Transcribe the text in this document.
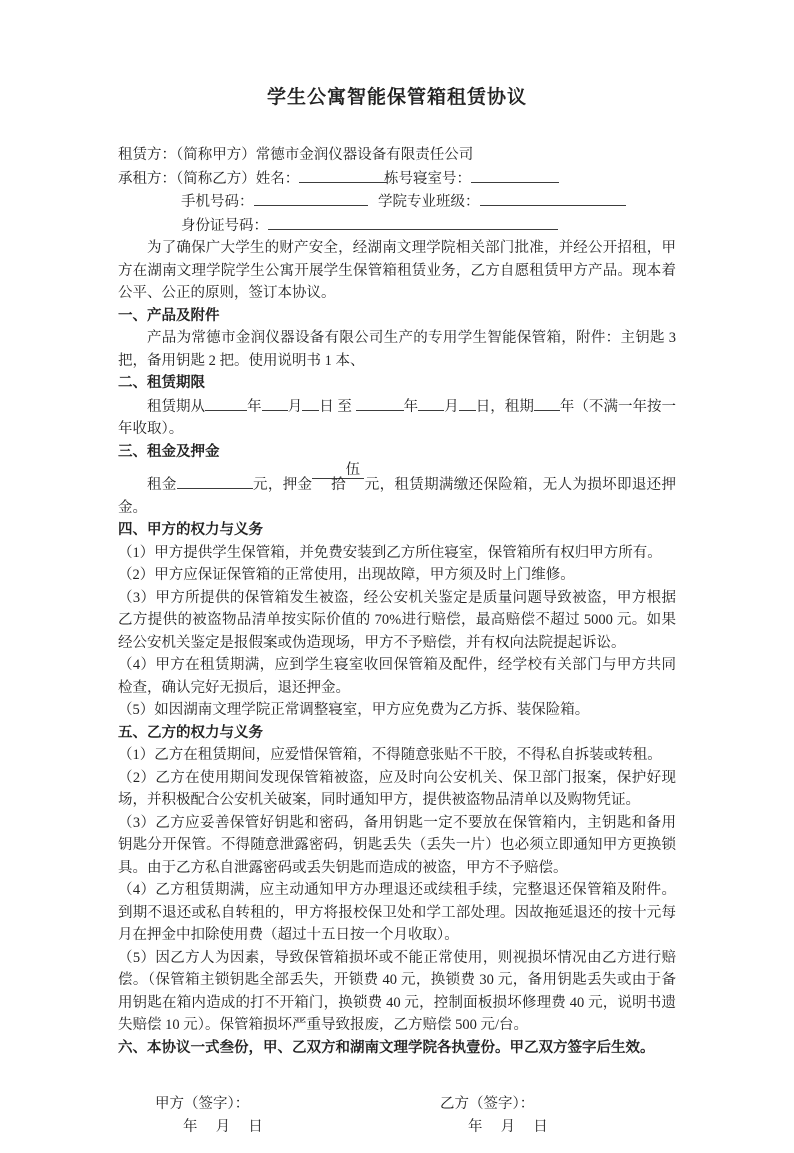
学生公寓智能保管箱租赁协议

租赁方：（简称甲方）常德市金润仪器设备有限责任公司

承租方：（简称乙方）姓名：	栋号寝室号：
手机号码：	学院专业班级：
身份证号码：

为了确保广大学生的财产安全，经湖南文理学院相关部门批准，并经公开招租，甲方在湖南文理学院学生公寓开展学生保管箱租赁业务，乙方自愿租赁甲方产品。现本着公平、公正的原则，签订本协议。

一、产品及附件

产品为常德市金润仪器设备有限公司生产的专用学生智能保管箱，附件：主钥匙 3 把，备用钥匙 2 把。使用说明书 1 本、

二、租赁期限

租赁期从	年 月 日 至	年 月 日，租期 年（不满一年按一年收取）。

三、租金及押金

租金	元，押金伍拾 元，租赁期满缴还保险箱，无人为损坏即退还押金。

四、甲方的权力与义务

（1）甲方提供学生保管箱，并免费安装到乙方所住寝室，保管箱所有权归甲方所有。

（2）甲方应保证保管箱的正常使用，出现故障，甲方须及时上门维修。

（3）甲方所提供的保管箱发生被盗，经公安机关鉴定是质量问题导致被盗，甲方根据乙方提供的被盗物品清单按实际价值的 70%进行赔偿，最高赔偿不超过 5000 元。如果经公安机关鉴定是报假案或伪造现场，甲方不予赔偿，并有权向法院提起诉讼。

（4）甲方在租赁期满，应到学生寝室收回保管箱及配件，经学校有关部门与甲方共同检查，确认完好无损后，退还押金。

（5）如因湖南文理学院正常调整寝室，甲方应免费为乙方拆、装保险箱。

五、乙方的权力与义务

（1）乙方在租赁期间，应爱惜保管箱，不得随意张贴不干胶，不得私自拆装或转租。

（2）乙方在使用期间发现保管箱被盗，应及时向公安机关、保卫部门报案，保护好现场，并积极配合公安机关破案，同时通知甲方，提供被盗物品清单以及购物凭证。

（3）乙方应妥善保管好钥匙和密码，备用钥匙一定不要放在保管箱内，主钥匙和备用钥匙分开保管。不得随意泄露密码，钥匙丢失（丢失一片）也必须立即通知甲方更换锁具。由于乙方私自泄露密码或丢失钥匙而造成的被盗，甲方不予赔偿。

（4）乙方租赁期满，应主动通知甲方办理退还或续租手续，完整退还保管箱及附件。到期不退还或私自转租的，甲方将报校保卫处和学工部处理。因故拖延退还的按十元每月在押金中扣除使用费（超过十五日按一个月收取）。

（5）因乙方人为因素，导致保管箱损坏或不能正常使用，则视损坏情况由乙方进行赔偿。（保管箱主锁钥匙全部丢失，开锁费 40 元，换锁费 30 元，备用钥匙丢失或由于备用钥匙在箱内造成的打不开箱门，换锁费 40 元，控制面板损坏修理费 40 元，说明书遗失赔偿 10 元）。保管箱损坏严重导致报废，乙方赔偿 500 元/台。

六、本协议一式叁份，甲、乙双方和湖南文理学院各执壹份。甲乙双方签字后生效。

甲方（签字）：

年　 月　 日

乙方（签字）：

年　 月　 日
